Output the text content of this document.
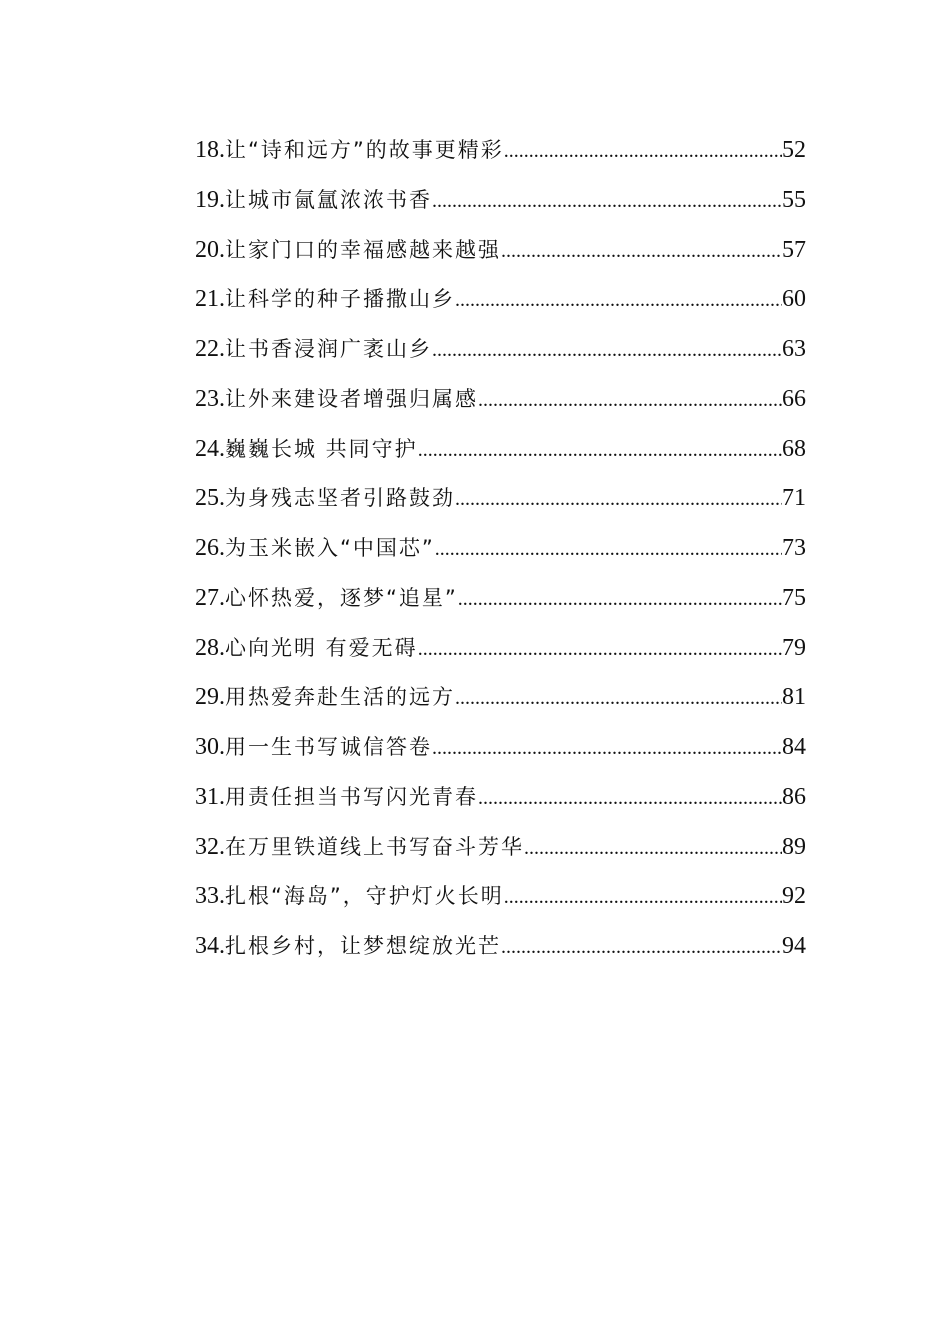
18. 让“诗和远方”的故事更精彩 .....	52
19. 让城市氤氲浓浓书香 .....	55
20. 让家门口的幸福感越来越强 .....	57
21. 让科学的种子播撒山乡 .....	60
22. 让书香浸润广袤山乡 .....	63
23. 让外来建设者增强归属感 .....	66
24. 巍巍长城 共同守护 .....	68
25. 为身残志坚者引路鼓劲 .....	71
26. 为玉米嵌入“中国芯” .....	73
27. 心怀热爱，逐梦“追星” .....	75
28. 心向光明 有爱无碍 .....	79
29. 用热爱奔赴生活的远方 .....	81
30. 用一生书写诚信答卷 .....	84
31. 用责任担当书写闪光青春 .....	86
32. 在万里铁道线上书写奋斗芳华 .....	89
33. 扎根“海岛”，守护灯火长明 .....	92
34. 扎根乡村，让梦想绽放光芒 .....	94
